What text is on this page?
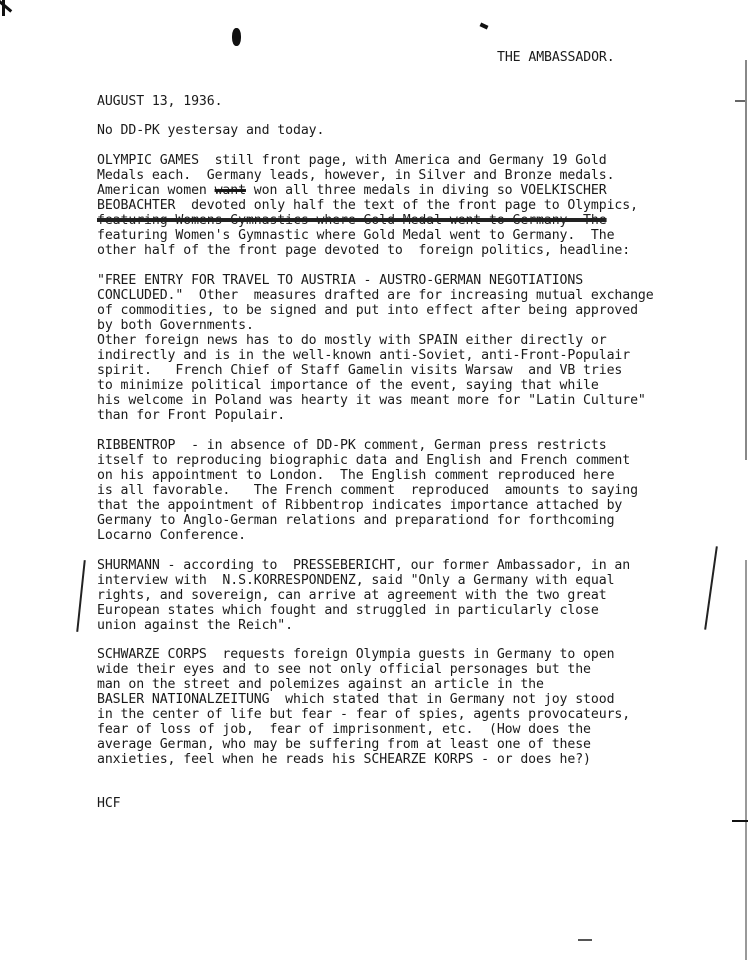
THE AMBASSADOR.
AUGUST 13, 1936.
No DD-PK yestersay and today.
OLYMPIC GAMES  still front page, with America and Germany 19 Gold
Medals each.  Germany leads, however, in Silver and Bronze medals.
American women want won all three medals in diving so VOELKISCHER
BEOBACHTER  devoted only half the text of the front page to Olympics,
featuring Womens Gymnastics where Gold Medal went to Germany  The
featuring Women's Gymnastic where Gold Medal went to Germany.  The
other half of the front page devoted to  foreign politics, headline:
"FREE ENTRY FOR TRAVEL TO AUSTRIA - AUSTRO-GERMAN NEGOTIATIONS
CONCLUDED."  Other  measures drafted are for increasing mutual exchange
of commodities, to be signed and put into effect after being approved
by both Governments.
Other foreign news has to do mostly with SPAIN either directly or
indirectly and is in the well-known anti-Soviet, anti-Front-Populair
spirit.   French Chief of Staff Gamelin visits Warsaw  and VB tries
to minimize political importance of the event, saying that while
his welcome in Poland was hearty it was meant more for "Latin Culture"
than for Front Populair.
RIBBENTROP  - in absence of DD-PK comment, German press restricts
itself to reproducing biographic data and English and French comment
on his appointment to London.  The English comment reproduced here
is all favorable.   The French comment  reproduced  amounts to saying
that the appointment of Ribbentrop indicates importance attached by
Germany to Anglo-German relations and preparationd for forthcoming
Locarno Conference.
SHURMANN - according to  PRESSEBERICHT, our former Ambassador, in an
interview with  N.S.KORRESPONDENZ, said "Only a Germany with equal
rights, and sovereign, can arrive at agreement with the two great
European states which fought and struggled in particularly close
union against the Reich".
SCHWARZE CORPS  requests foreign Olympia guests in Germany to open
wide their eyes and to see not only official personages but the
man on the street and polemizes against an article in the
BASLER NATIONALZEITUNG  which stated that in Germany not joy stood
in the center of life but fear - fear of spies, agents provocateurs,
fear of loss of job,  fear of imprisonment, etc.  (How does the
average German, who may be suffering from at least one of these
anxieties, feel when he reads his SCHEARZE KORPS - or does he?)
HCF
